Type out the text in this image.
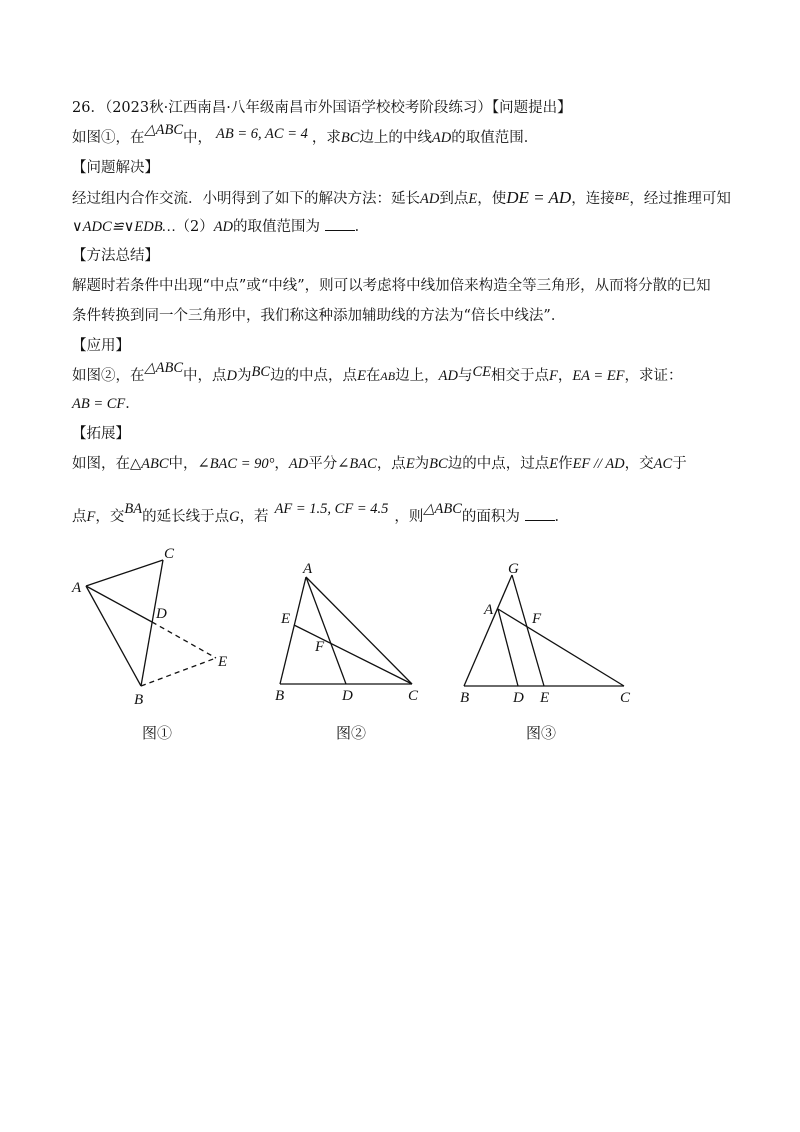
26．（2023秋·江西南昌·八年级南昌市外国语学校校考阶段练习）【问题提出】
如图①，在△ABC中， AB = 6, AC = 4 ，求BC边上的中线AD的取值范围．
【问题解决】
经过组内合作交流．小明得到了如下的解决方法：延长AD到点E，使DE = AD，连接$^{BE}$，经过推理可知
∨ADC≌∨EDB…（2）AD的取值范围为 ．
【方法总结】
解题时若条件中出现“中点”或“中线”，则可以考虑将中线加倍来构造全等三角形，从而将分散的已知
条件转换到同一个三角形中，我们称这种添加辅助线的方法为“倍长中线法”．
【应用】
如图②，在△ABC中，点D为BC边的中点，点E在AB边上，AD与CE相交于点F，EA = EF，求证：
AB = CF．
【拓展】
如图，在△ABC中，∠BAC = 90°，AD平分∠BAC，点E为BC边的中点，过点E作EF // AD，交AC于
点F，交BA的延长线于点G，若 AF = 1.5, CF = 4.5 ，则△ABC的面积为 ．
A
C
D
E
B
图①
A
E
F
B	D	C
图②
G
A
F
B	D E	C
图③
